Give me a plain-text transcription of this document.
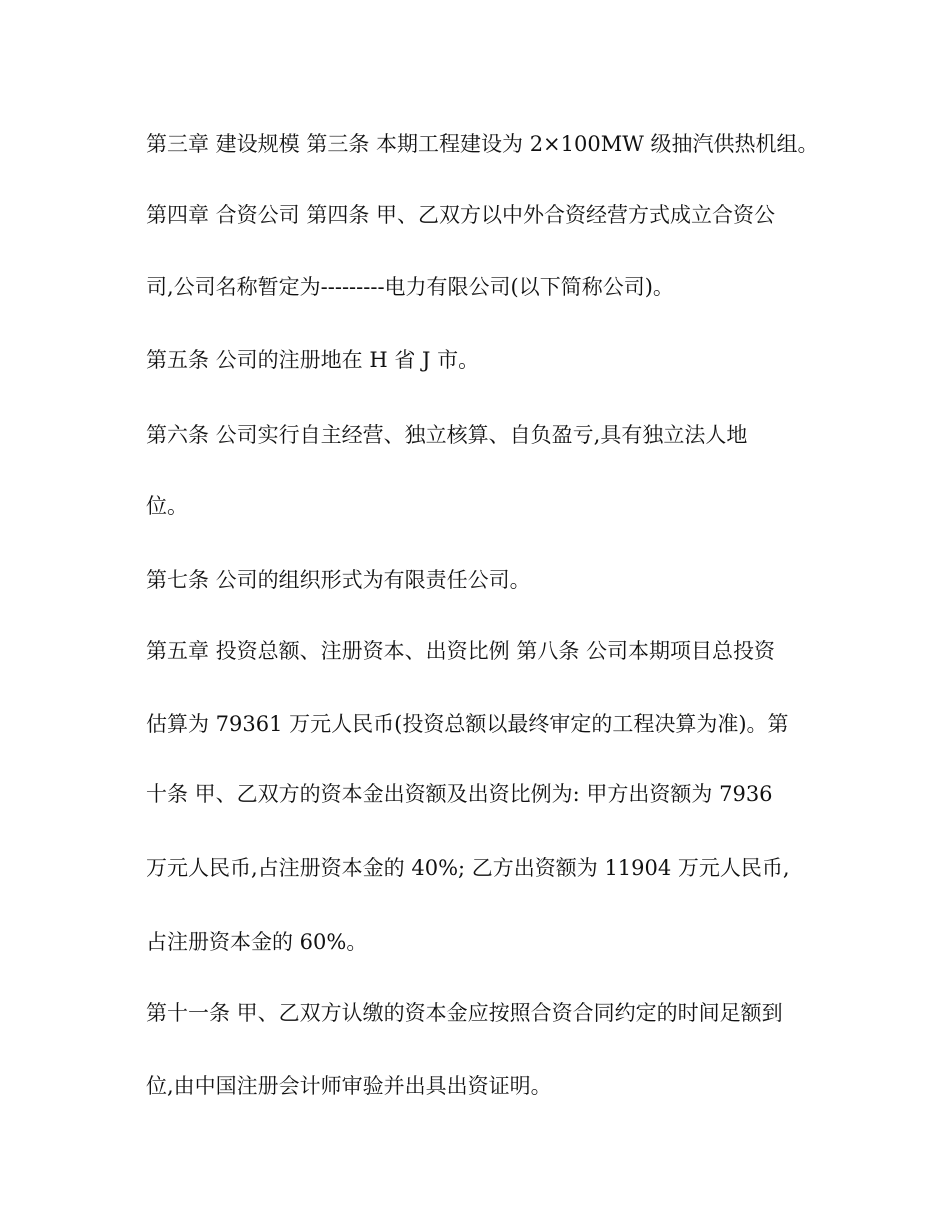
第三章 建设规模 第三条 本期工程建设为 2×100MW 级抽汽供热机组。
第四章 合资公司 第四条 甲、乙双方以中外合资经营方式成立合资公
司,公司名称暂定为---------电力有限公司(以下简称公司)。
第五条 公司的注册地在 H 省 J 市。
第六条 公司实行自主经营、独立核算、自负盈亏,具有独立法人地
位。
第七条 公司的组织形式为有限责任公司。
第五章 投资总额、注册资本、出资比例 第八条 公司本期项目总投资
估算为 79361 万元人民币(投资总额以最终审定的工程决算为准)。第
十条 甲、乙双方的资本金出资额及出资比例为: 甲方出资额为 7936
万元人民币,占注册资本金的 40%; 乙方出资额为 11904 万元人民币,
占注册资本金的 60%。
第十一条 甲、乙双方认缴的资本金应按照合资合同约定的时间足额到
位,由中国注册会计师审验并出具出资证明。
